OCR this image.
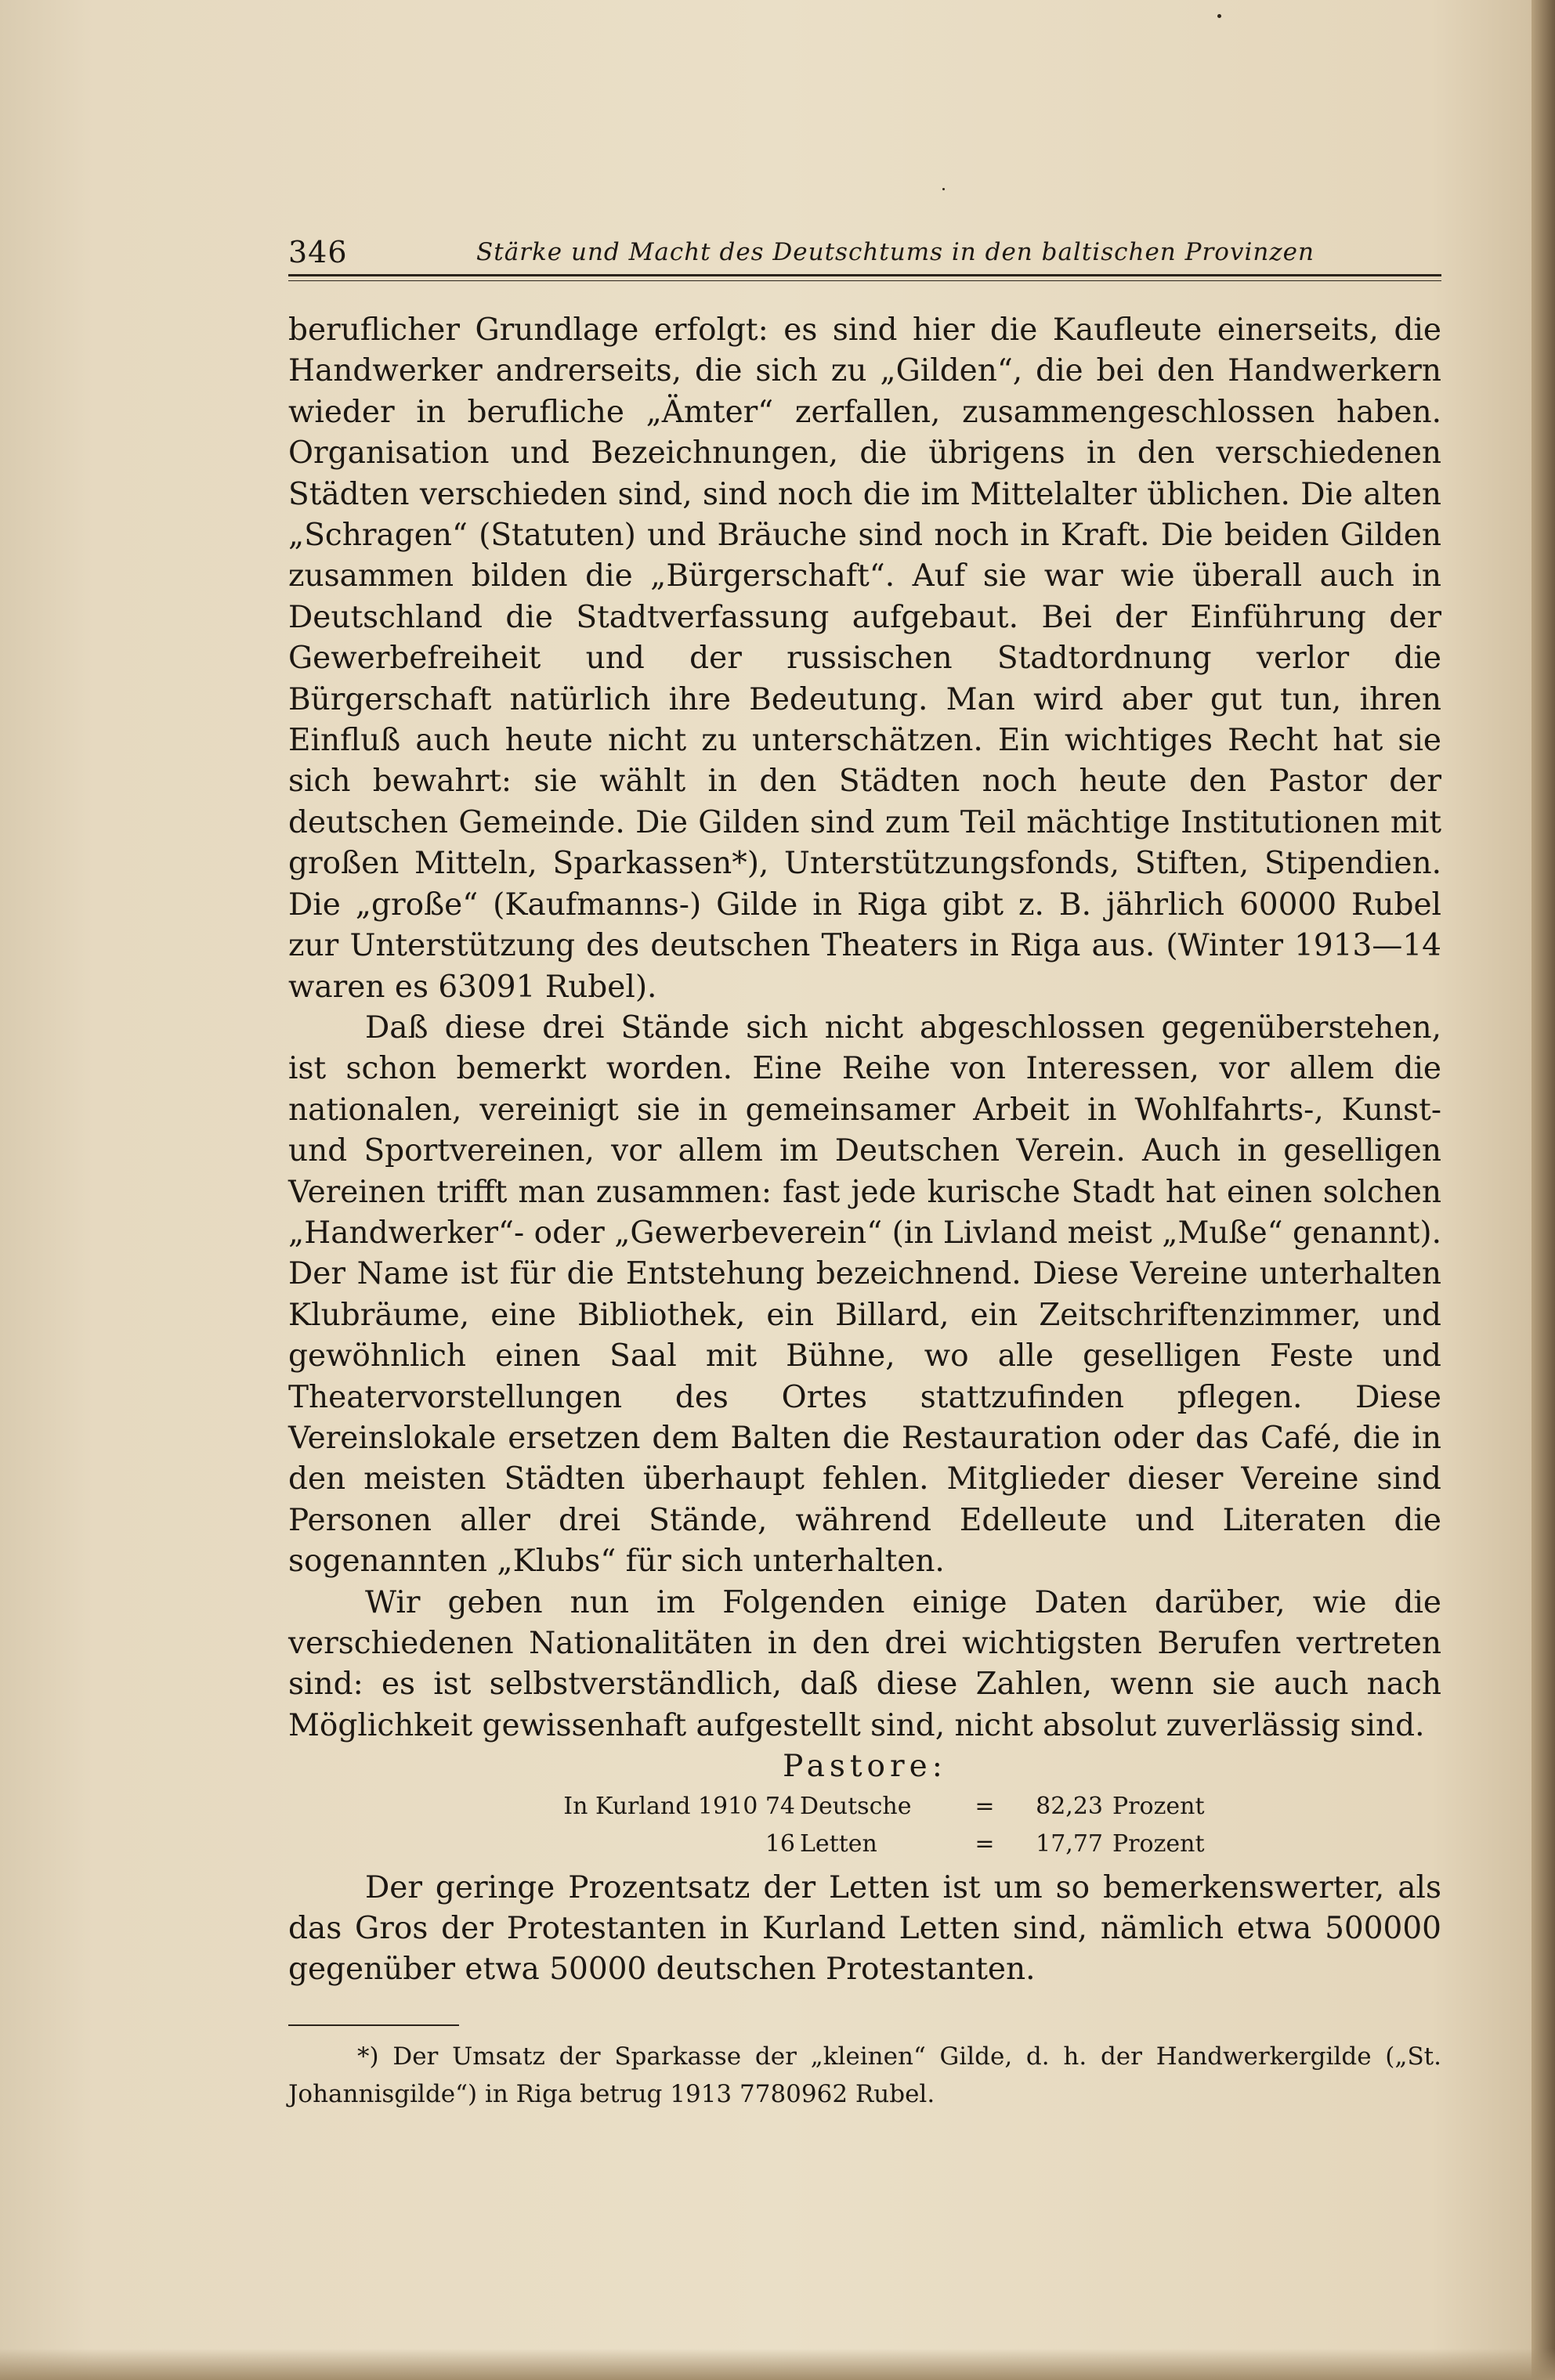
346	Stärke und Macht des Deutschtums in den baltischen Provinzen

beruflicher Grundlage erfolgt: es sind hier die Kaufleute einerseits, die Handwerker andrerseits, die sich zu „Gilden“, die bei den Handwerkern wieder in berufliche „Ämter“ zerfallen, zusammengeschlossen haben. Organisation und Bezeichnungen, die übrigens in den verschiedenen Städten verschieden sind, sind noch die im Mittelalter üblichen. Die alten „Schragen“ (Statuten) und Bräuche sind noch in Kraft. Die beiden Gilden zusammen bilden die „Bürgerschaft“. Auf sie war wie überall auch in Deutschland die Stadtverfassung aufgebaut. Bei der Einführung der Gewerbefreiheit und der russischen Stadtordnung verlor die Bürgerschaft natürlich ihre Bedeutung. Man wird aber gut tun, ihren Einfluß auch heute nicht zu unterschätzen. Ein wichtiges Recht hat sie sich bewahrt: sie wählt in den Städten noch heute den Pastor der deutschen Gemeinde. Die Gilden sind zum Teil mächtige Institutionen mit großen Mitteln, Sparkassen*), Unterstützungsfonds, Stiften, Stipendien. Die „große“ (Kaufmanns-) Gilde in Riga gibt z. B. jährlich 60000 Rubel zur Unterstützung des deutschen Theaters in Riga aus. (Winter 1913—14 waren es 63091 Rubel).

Daß diese drei Stände sich nicht abgeschlossen gegenüberstehen, ist schon bemerkt worden. Eine Reihe von Interessen, vor allem die nationalen, vereinigt sie in gemeinsamer Arbeit in Wohlfahrts-, Kunst- und Sportvereinen, vor allem im Deutschen Verein. Auch in geselligen Vereinen trifft man zusammen: fast jede kurische Stadt hat einen solchen „Handwerker“- oder „Gewerbeverein“ (in Livland meist „Muße“ genannt). Der Name ist für die Entstehung bezeichnend. Diese Vereine unterhalten Klubräume, eine Bibliothek, ein Billard, ein Zeitschriftenzimmer, und gewöhnlich einen Saal mit Bühne, wo alle geselligen Feste und Theatervorstellungen des Ortes stattzufinden pflegen. Diese Vereinslokale ersetzen dem Balten die Restauration oder das Café, die in den meisten Städten überhaupt fehlen. Mitglieder dieser Vereine sind Personen aller drei Stände, während Edelleute und Literaten die sogenannten „Klubs“ für sich unterhalten.

Wir geben nun im Folgenden einige Daten darüber, wie die verschiedenen Nationalitäten in den drei wichtigsten Berufen vertreten sind: es ist selbstverständlich, daß diese Zahlen, wenn sie auch nach Möglichkeit gewissenhaft aufgestellt sind, nicht absolut zuverlässig sind.

Pastore:

In Kurland 1910 74 Deutsche	=	82,23 Prozent
16 Letten	=	17,77 Prozent

Der geringe Prozentsatz der Letten ist um so bemerkenswerter, als das Gros der Protestanten in Kurland Letten sind, nämlich etwa 500000 gegenüber etwa 50000 deutschen Protestanten.

*) Der Umsatz der Sparkasse der „kleinen“ Gilde, d. h. der Handwerkergilde („St. Johannisgilde“) in Riga betrug 1913 7780962 Rubel.
